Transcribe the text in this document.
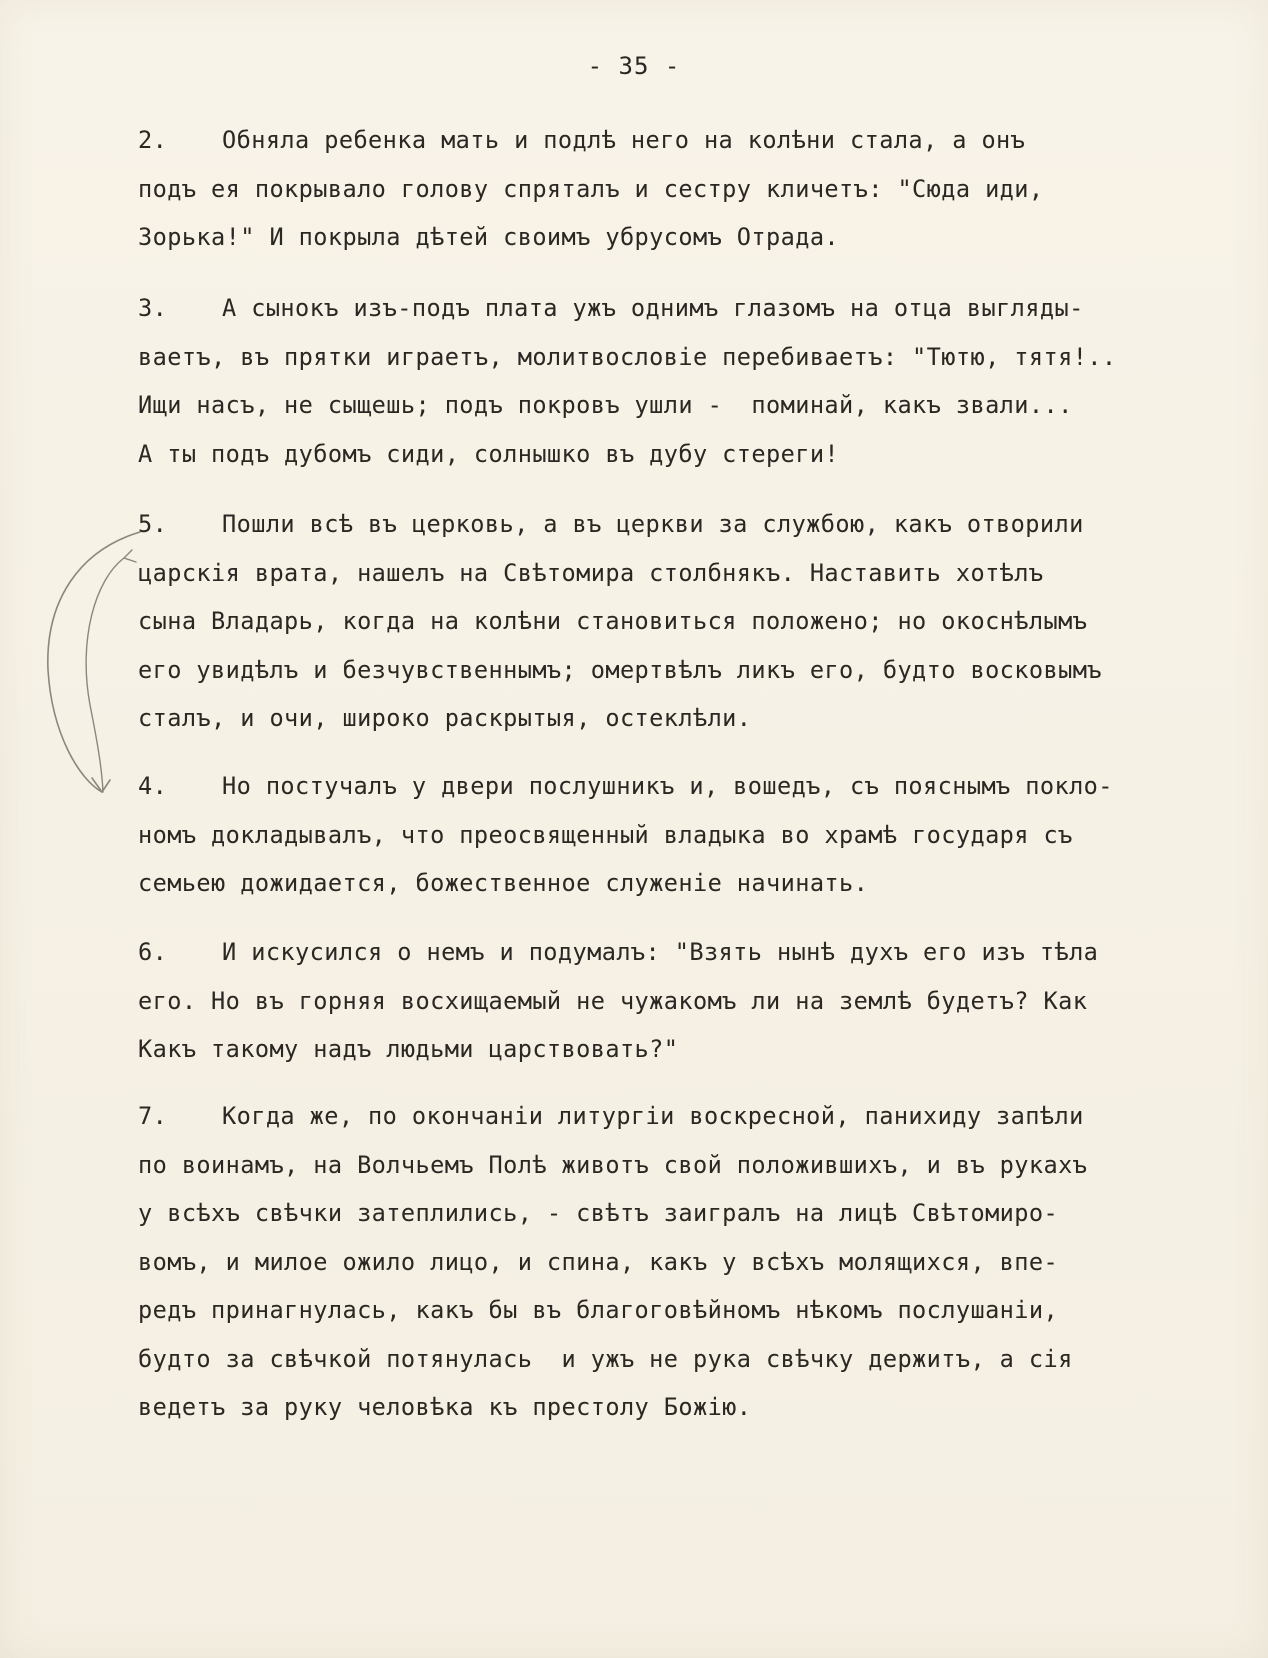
- 35 -
2. Обняла ребенка мать и подлѣ него на колѣни стала, а онъ
подъ ея покрывало голову спряталъ и сестру кличетъ: "Сюда иди,
Зорька!" И покрыла дѣтей своимъ убрусомъ Отрада.
3. А сынокъ изъ-подъ плата ужъ однимъ глазомъ на отца выгляды-
ваетъ, въ прятки играетъ, молитвословіе перебиваетъ: "Тютю, тятя!..
Ищи насъ, не сыщешь; подъ покровъ ушли -  поминай, какъ звали...
А ты подъ дубомъ сиди, солнышко въ дубу стереги!
5. Пошли всѣ въ церковь, а въ церкви за службою, какъ отворили
царскія врата, нашелъ на Свѣтомира столбнякъ. Наставить хотѣлъ
сына Владарь, когда на колѣни становиться положено; но окоснѣлымъ
его увидѣлъ и безчувственнымъ; омертвѣлъ ликъ его, будто восковымъ
сталъ, и очи, широко раскрытыя, остеклѣли.
4. Но постучалъ у двери послушникъ и, вошедъ, съ пояснымъ покло-
номъ докладывалъ, что преосвященный владыка во храмѣ государя съ
семьею дожидается, божественное служеніе начинать.
6. И искусился о немъ и подумалъ: "Взять нынѣ духъ его изъ тѣла
его. Но въ горняя восхищаемый не чужакомъ ли на землѣ будетъ? Как
Какъ такому надъ людьми царствовать?"
7. Когда же, по окончаніи литургіи воскресной, панихиду запѣли
по воинамъ, на Волчьемъ Полѣ животъ свой положившихъ, и въ рукахъ
у всѣхъ свѣчки затеплились, - свѣтъ заигралъ на лицѣ Свѣтомиро-
вомъ, и милое ожило лицо, и спина, какъ у всѣхъ молящихся, впе-
редъ принагнулась, какъ бы въ благоговѣйномъ нѣкомъ послушаніи,
будто за свѣчкой потянулась  и ужъ не рука свѣчку держитъ, а сія
ведетъ за руку человѣка къ престолу Божію.
